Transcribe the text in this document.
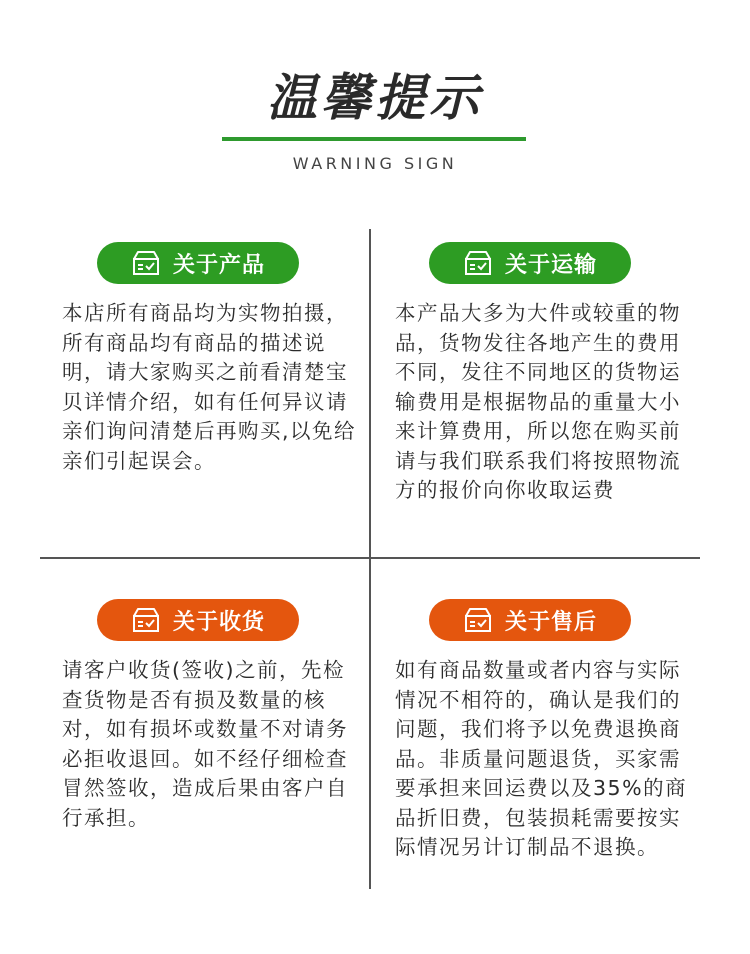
温馨提示
WARNING SIGN
关于产品

本店所有商品均为实物拍摄，所有商品均有商品的描述说明，请大家购买之前看清楚宝贝详情介绍，如有任何异议请亲们询问清楚后再购买,以免给亲们引起误会。

关于运输

本产品大多为大件或较重的物品，货物发往各地产生的费用不同，发往不同地区的货物运输费用是根据物品的重量大小来计算费用，所以您在购买前请与我们联系我们将按照物流方的报价向你收取运费

关于收货

请客户收货(签收)之前，先检查货物是否有损及数量的核对，如有损坏或数量不对请务必拒收退回。如不经仔细检查冒然签收，造成后果由客户自行承担。

关于售后

如有商品数量或者内容与实际情况不相符的，确认是我们的问题，我们将予以免费退换商品。非质量问题退货，买家需要承担来回运费以及35%的商品折旧费，包装损耗需要按实际情况另计订制品不退换。
